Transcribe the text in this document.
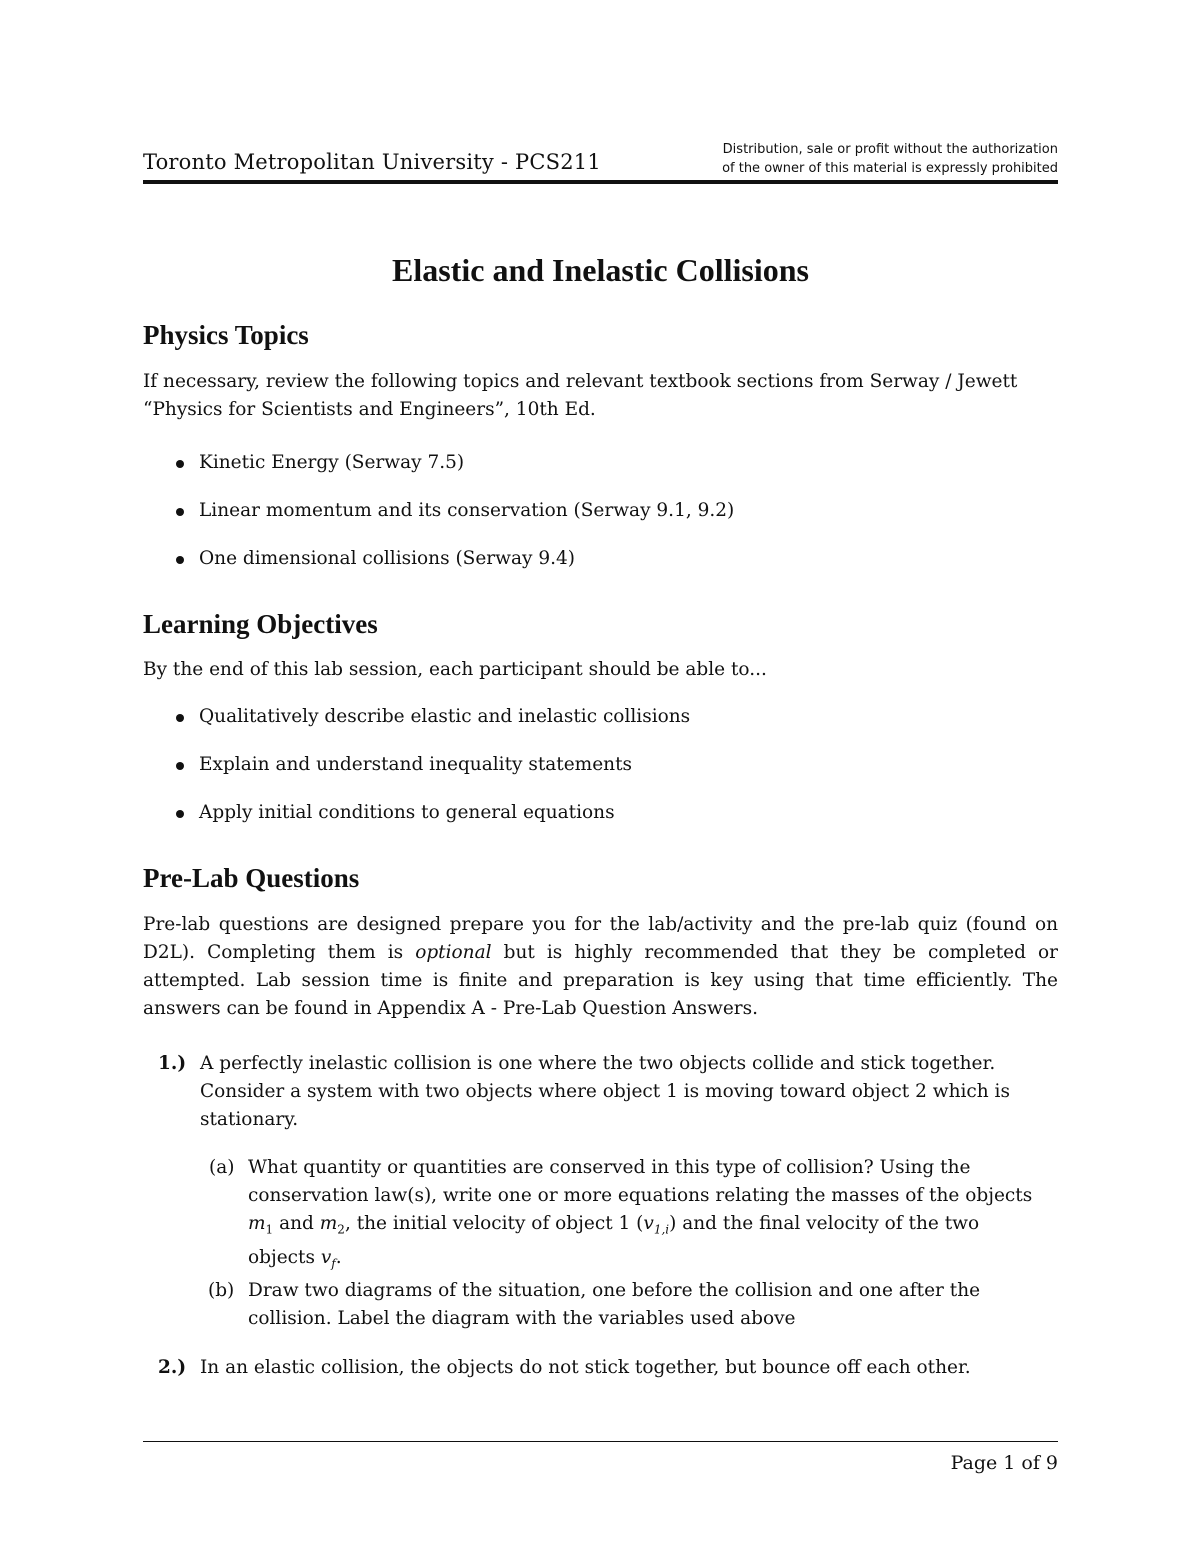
Toronto Metropolitan University - PCS211
Distribution, sale or profit without the authorization
of the owner of this material is expressly prohibited
Elastic and Inelastic Collisions
Physics Topics
If necessary, review the following topics and relevant textbook sections from Serway / Jewett
“Physics for Scientists and Engineers”, 10th Ed.
Kinetic Energy (Serway 7.5)
Linear momentum and its conservation (Serway 9.1, 9.2)
One dimensional collisions (Serway 9.4)
Learning Objectives
By the end of this lab session, each participant should be able to...
Qualitatively describe elastic and inelastic collisions
Explain and understand inequality statements
Apply initial conditions to general equations
Pre-Lab Questions
Pre-lab questions are designed prepare you for the lab/activity and the pre-lab quiz (found on D2L). Completing them is optional but is highly recommended that they be completed or attempted. Lab session time is finite and preparation is key using that time efficiently. The answers can be found in Appendix A - Pre-Lab Question Answers.
1.) A perfectly inelastic collision is one where the two objects collide and stick together.
Consider a system with two objects where object 1 is moving toward object 2 which is
stationary.
(a) What quantity or quantities are conserved in this type of collision? Using the
conservation law(s), write one or more equations relating the masses of the objects
$m_1$ and $m_2$, the initial velocity of object 1 $(v_{1,i})$ and the final velocity of the two
objects $v_f$.
(b) Draw two diagrams of the situation, one before the collision and one after the
collision. Label the diagram with the variables used above
2.) In an elastic collision, the objects do not stick together, but bounce off each other.
Page 1 of 9
